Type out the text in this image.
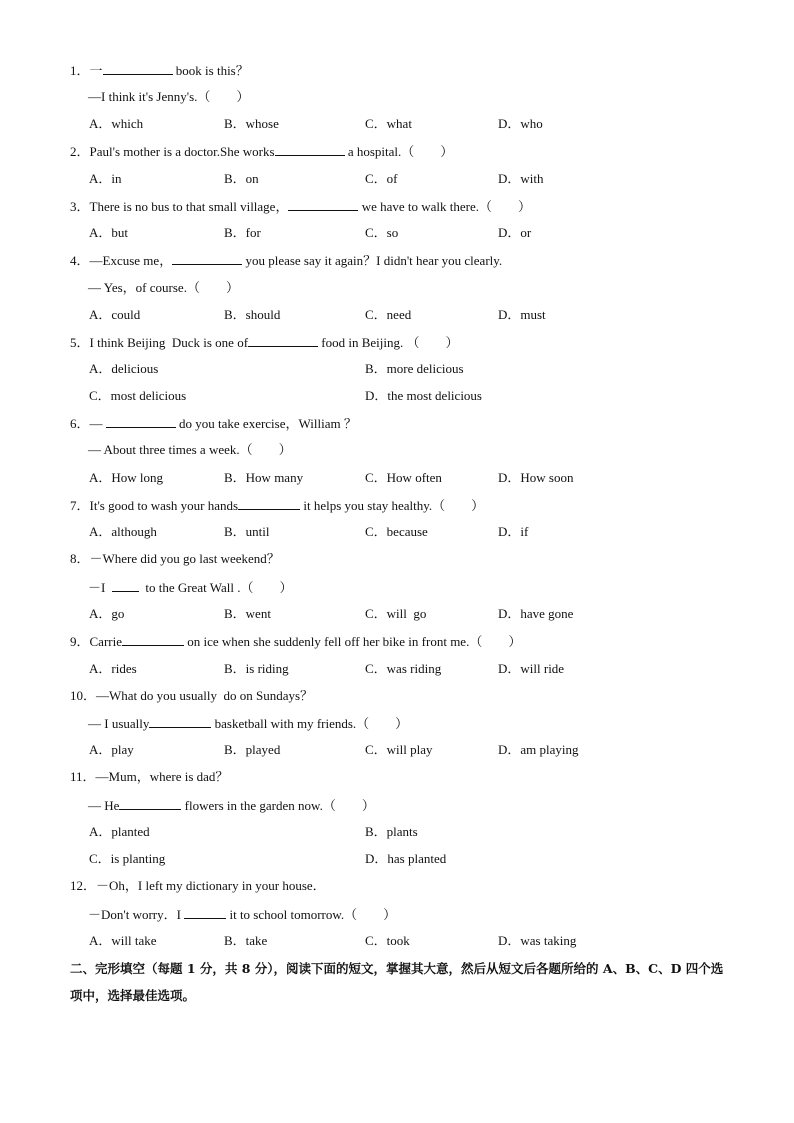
1．一	book is this？
—I think it's Jenny's.（　　）
A．which	B．whose	C．what	D．who
2．Paul's mother is a doctor.She works	a hospital.（　　）
A．in	B．on	C．of	D．with
3．There is no bus to that small village，	we have to walk there.（　　）
A．but	B．for	C．so	D．or
4．—Excuse me，	you please say it again？I didn't hear you clearly.
— Yes，of course.（　　）
A．could	B．should	C．need	D．must
5．I think Beijing  Duck is one of	food in Beijing. （　　）
A．delicious	B．more delicious
C．most delicious	D．the most delicious
6．—	do you take exercise，William ？
— About three times a week.（　　）
A．How long	B．How many	C．How often	D．How soon
7．It's good to wash your hands	it helps you stay healthy.（　　）
A．although	B．until	C．because	D．if
8．－Where did you go last weekend？
－I    to the Great Wall .（　　）
A．go	B．went	C．will  go	D．have gone
9．Carrie	on ice when she suddenly fell off her bike in front me.（　　）
A．rides	B．is riding	C．was riding	D．will ride
10．—What do you usually  do on Sundays？
— I usually	basketball with my friends.（　　）
A．play	B．played	C．will play	D．am playing
11．—Mum，where is dad？
— He	flowers in the garden now.（　　）
A．planted	B．plants
C．is planting	D．has planted
12．－Oh，I left my dictionary in your house．
－Don't worry．I	it to school tomorrow.（　　）
A．will take	B．take	C．took	D．was taking
二、完形填空（每题 1 分，共 8 分），阅读下面的短文，掌握其大意，然后从短文后各题所给的 A、B、C、D 四个选项中，选择最佳选项。
